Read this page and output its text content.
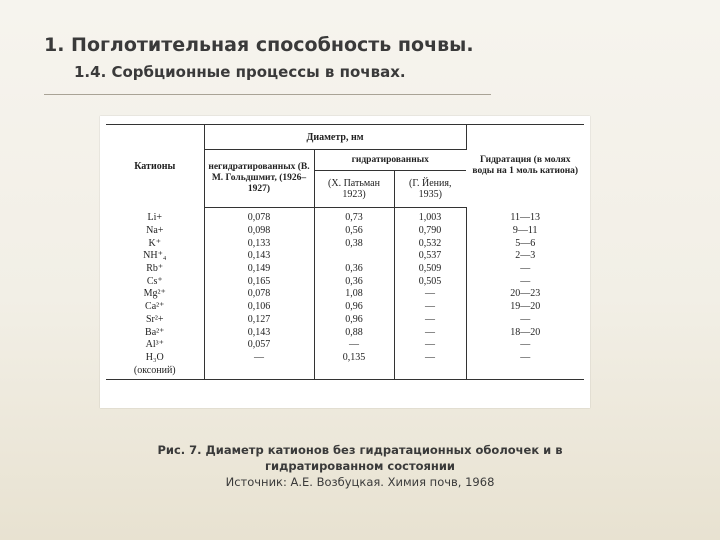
1. Поглотительная способность почвы.
1.4. Сорбционные процессы в почвах.
Катионы	Диаметр, нм			Гидратация (в молях воды на 1 моль катиона)
	негидратированных (В. М. Гольдшмит, (1926–1927)	гидратированных		
		(Х. Патьман 1923)	(Г. Йения, 1935)	
Li+	0,078	0,73	1,003	11—13
Na+	0,098	0,56	0,790	9—11
K⁺	0,133	0,38	0,532	5—6
NH⁺₄	0,143		0,537	2—3
Rb⁺	0,149	0,36	0,509	—
Cs⁺	0,165	0,36	0,505	—
Mg²⁺	0,078	1,08	—	20—23
Ca²⁺	0,106	0,96	—	19—20
Sr²+	0,127	0,96	—	—
Ba²⁺	0,143	0,88	—	18—20
Al³⁺	0,057	—	—	—
H₃O	—	0,135	—	—
(оксоний)				
Рис. 7. Диаметр катионов без гидратационных оболочек и в
гидратированном состоянии
Источник: А.Е. Возбуцкая. Химия почв, 1968
